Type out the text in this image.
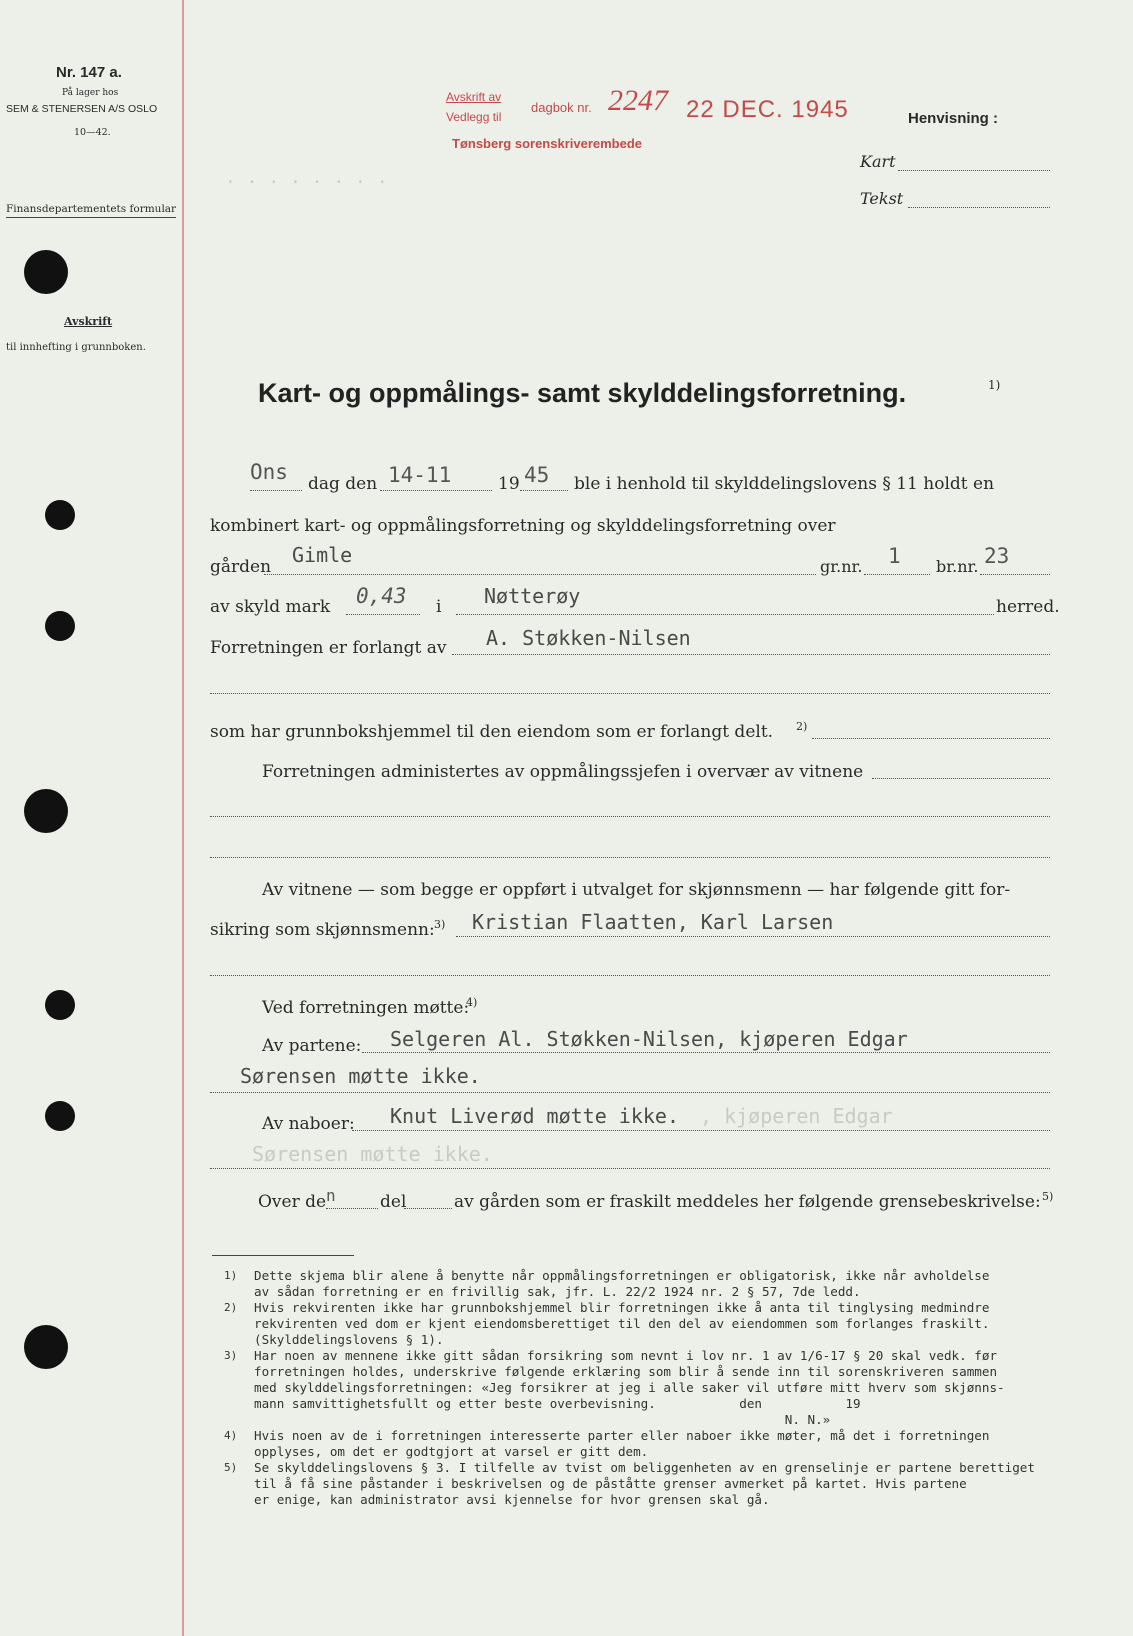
Nr. 147 a.
På lager hos
SEM & STENERSEN A/S OSLO
10—42.
Finansdepartementets formular
Avskrift
til innhefting i grunnboken.
Avskrift av
Vedlegg til
dagbok nr. 2247 22 DEC. 1945
Tønsberg sorenskriverembede
Henvisning :
Kart
Tekst
· · · · · · · ·
Kart- og oppmålings- samt skylddelingsforretning.	1)
Ons dag den 14-11	19 45 ble i henhold til skylddelingslovens § 11 holdt en
kombinert kart- og oppmålingsforretning og skylddelingsforretning over
gården Gimle	gr.nr. 1 br.nr. 23
av skyld mark 0,43 i Nøtterøy	herred.
Forretningen er forlangt av A. Støkken-Nilsen
som har grunnbokshjemmel til den eiendom som er forlangt delt. 2)
Forretningen administertes av oppmålingssjefen i overvær av vitnene
Av vitnene — som begge er oppført i utvalget for skjønnsmenn — har følgende gitt for-
sikring som skjønnsmenn: 3) Kristian Flaatten, Karl Larsen
Ved forretningen møtte:
4)
Av partene: Selgeren Al. Støkken-Nilsen, kjøperen Edgar
Sørensen møtte ikke.
Av naboer: Knut Liverød møtte ikke. , kjøperen Edgar
Sørensen møtte ikke.
Over de n	del	av gården som er fraskilt meddeles her følgende grensebeskrivelse: 5)
1) Dette skjema blir alene å benytte når oppmålingsforretningen er obligatorisk, ikke når avholdelse
av sådan forretning er en frivillig sak, jfr. L. 22/2 1924 nr. 2 § 57, 7de ledd.
2) Hvis rekvirenten ikke har grunnbokshjemmel blir forretningen ikke å anta til tinglysing medmindre
rekvirenten ved dom er kjent eiendomsberettiget til den del av eiendommen som forlanges fraskilt.
(Skylddelingslovens § 1).
3) Har noen av mennene ikke gitt sådan forsikring som nevnt i lov nr. 1 av 1/6-17 § 20 skal vedk. før
forretningen holdes, underskrive følgende erklæring som blir å sende inn til sorenskriveren sammen
med skylddelingsforretningen: «Jeg forsikrer at jeg i alle saker vil utføre mitt hverv som skjønns-
mann samvittighetsfullt og etter beste overbevisning.           den           19
N. N.»
4) Hvis noen av de i forretningen interesserte parter eller naboer ikke møter, må det i forretningen
opplyses, om det er godtgjort at varsel er gitt dem.
5) Se skylddelingslovens § 3. I tilfelle av tvist om beliggenheten av en grenselinje er partene berettiget
til å få sine påstander i beskrivelsen og de påståtte grenser avmerket på kartet. Hvis partene
er enige, kan administrator avsi kjennelse for hvor grensen skal gå.
